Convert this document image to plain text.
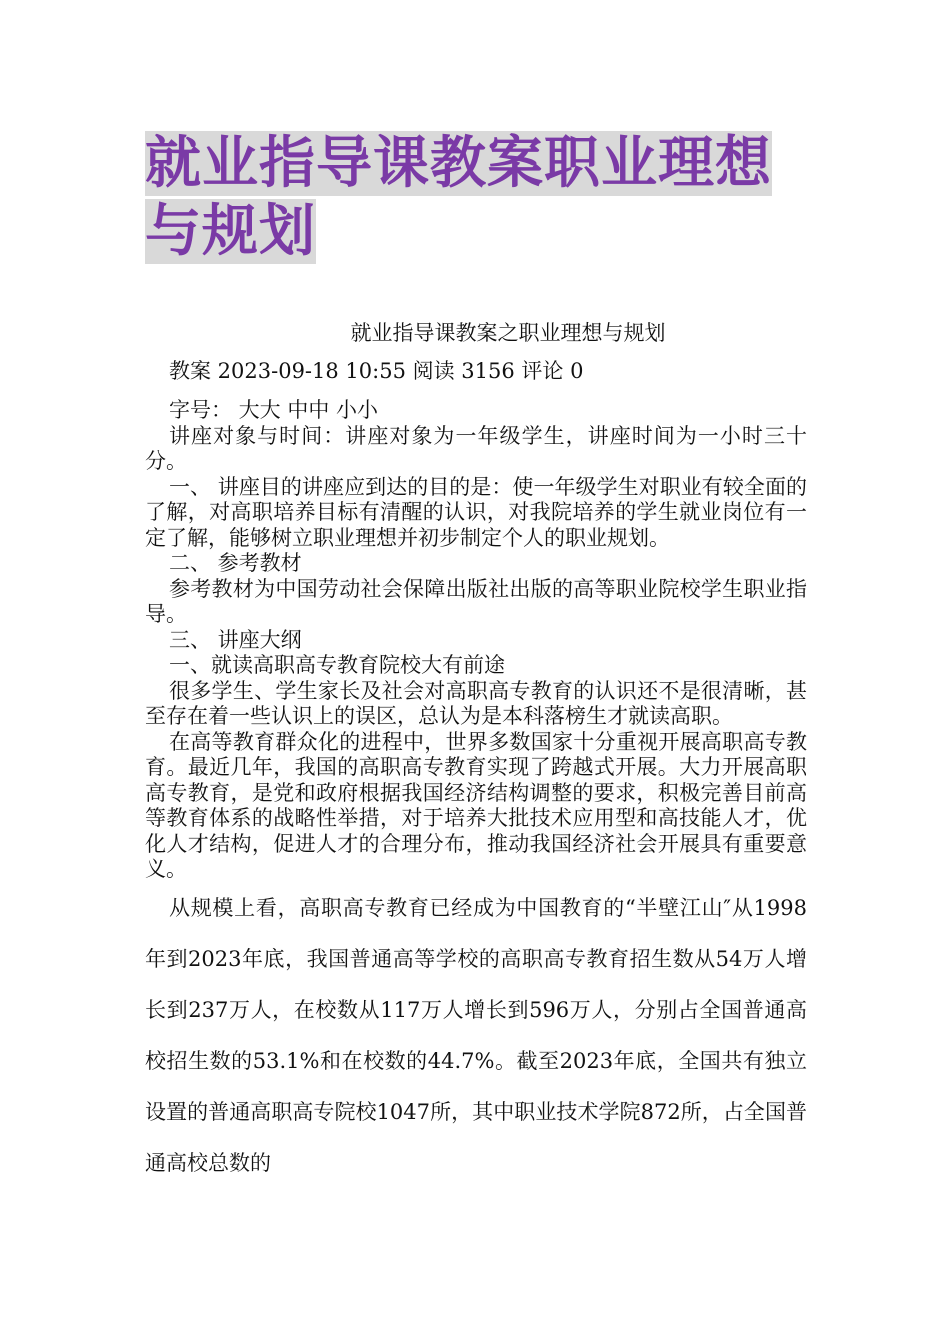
就业指导课教案职业理想与规划
就业指导课教案之职业理想与规划
教案 2023-09-18 10:55 阅读 3156 评论 0

字号： 大大 中中 小小

讲座对象与时间：讲座对象为一年级学生，讲座时间为一小时三十分。

一、 讲座目的讲座应到达的目的是：使一年级学生对职业有较全面的了解，对高职培养目标有清醒的认识，对我院培养的学生就业岗位有一定了解，能够树立职业理想并初步制定个人的职业规划。

二、 参考教材

参考教材为中国劳动社会保障出版社出版的高等职业院校学生职业指导。

三、 讲座大纲

一、就读高职高专教育院校大有前途

很多学生、学生家长及社会对高职高专教育的认识还不是很清晰，甚至存在着一些认识上的误区，总认为是本科落榜生才就读高职。

在高等教育群众化的进程中，世界多数国家十分重视开展高职高专教育。最近几年，我国的高职高专教育实现了跨越式开展。大力开展高职高专教育，是党和政府根据我国经济结构调整的要求，积极完善目前高等教育体系的战略性举措，对于培养大批技术应用型和高技能人才，优化人才结构，促进人才的合理分布，推动我国经济社会开展具有重要意义。

从规模上看，高职高专教育已经成为中国教育的“半壁江山″从1998年到2023年底，我国普通高等学校的高职高专教育招生数从54万人增长到237万人，在校数从117万人增长到596万人，分别占全国普通高校招生数的53.1%和在校数的44.7%。截至2023年底，全国共有独立设置的普通高职高专院校1047所，其中职业技术学院872所，占全国普通高校总数的
